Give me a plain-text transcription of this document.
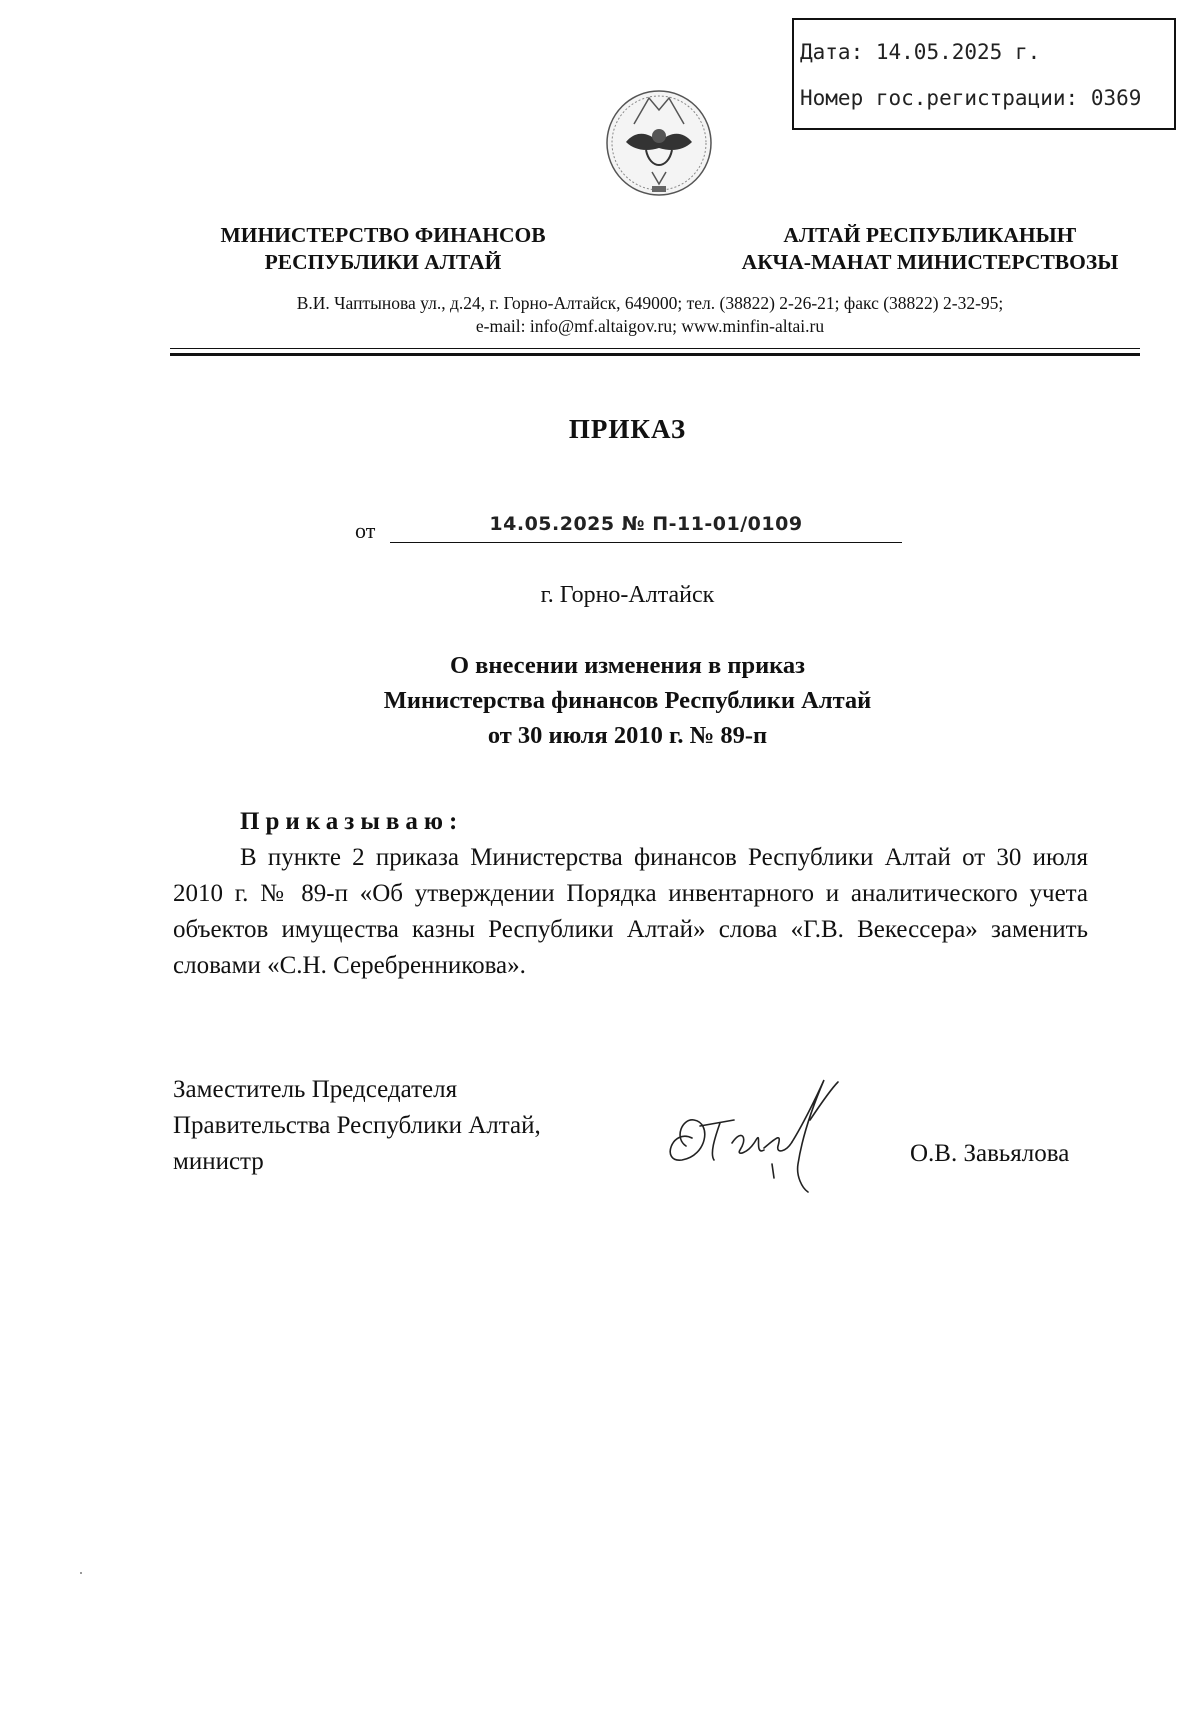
Дата: 14.05.2025 г.
Номер гос.регистрации: 0369
МИНИСТЕРСТВО ФИНАНСОВ
РЕСПУБЛИКИ АЛТАЙ
АЛТАЙ РЕСПУБЛИКАНЫҤ
АКЧА-МАНАТ МИНИСТЕРСТВОЗЫ
В.И. Чаптынова ул., д.24, г. Горно-Алтайск, 649000; тел. (38822) 2-26-21; факс (38822) 2-32-95;
e-mail: info@mf.altaigov.ru; www.minfin-altai.ru
ПРИКАЗ
от	14.05.2025 № П-11-01/0109
г. Горно-Алтайск
О внесении изменения в приказ
Министерства финансов Республики Алтай
от 30 июля 2010 г. № 89-п
Приказываю:

В пункте 2 приказа Министерства финансов Республики Алтай от 30 июля 2010 г. № 89-п «Об утверждении Порядка инвентарного и аналитического учета объектов имущества казны Республики Алтай» слова «Г.В. Векессера» заменить словами «С.Н. Серебренникова».

Заместитель Председателя
Правительства Республики Алтай,
министр	О.В. Завьялова
